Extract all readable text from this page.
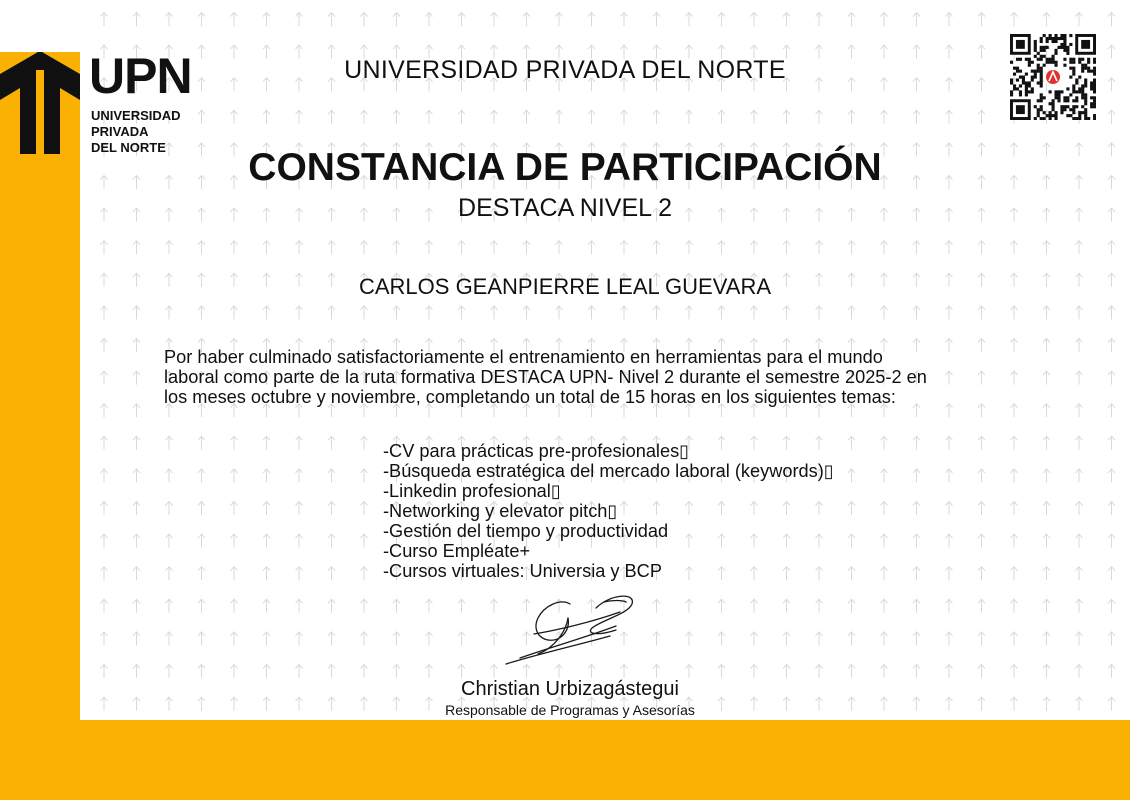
UPN
UNIVERSIDAD
PRIVADA
DEL NORTE
UNIVERSIDAD PRIVADA DEL NORTE
CONSTANCIA DE PARTICIPACIÓN
DESTACA NIVEL 2
CARLOS GEANPIERRE LEAL GUEVARA
Por haber culminado satisfactoriamente el entrenamiento en herramientas para el mundo
laboral como parte de la ruta formativa DESTACA UPN- Nivel 2 durante el semestre 2025-2 en
los meses octubre y noviembre, completando un total de 15 horas en los siguientes temas:
-CV para prácticas pre-profesionales▯
-Búsqueda estratégica del mercado laboral (keywords)▯
-Linkedin profesional▯
-Networking y elevator pitch▯
-Gestión del tiempo y productividad
-Curso Empléate+
-Cursos virtuales: Universia y BCP
Christian Urbizagástegui
Responsable de Programas y Asesorías
